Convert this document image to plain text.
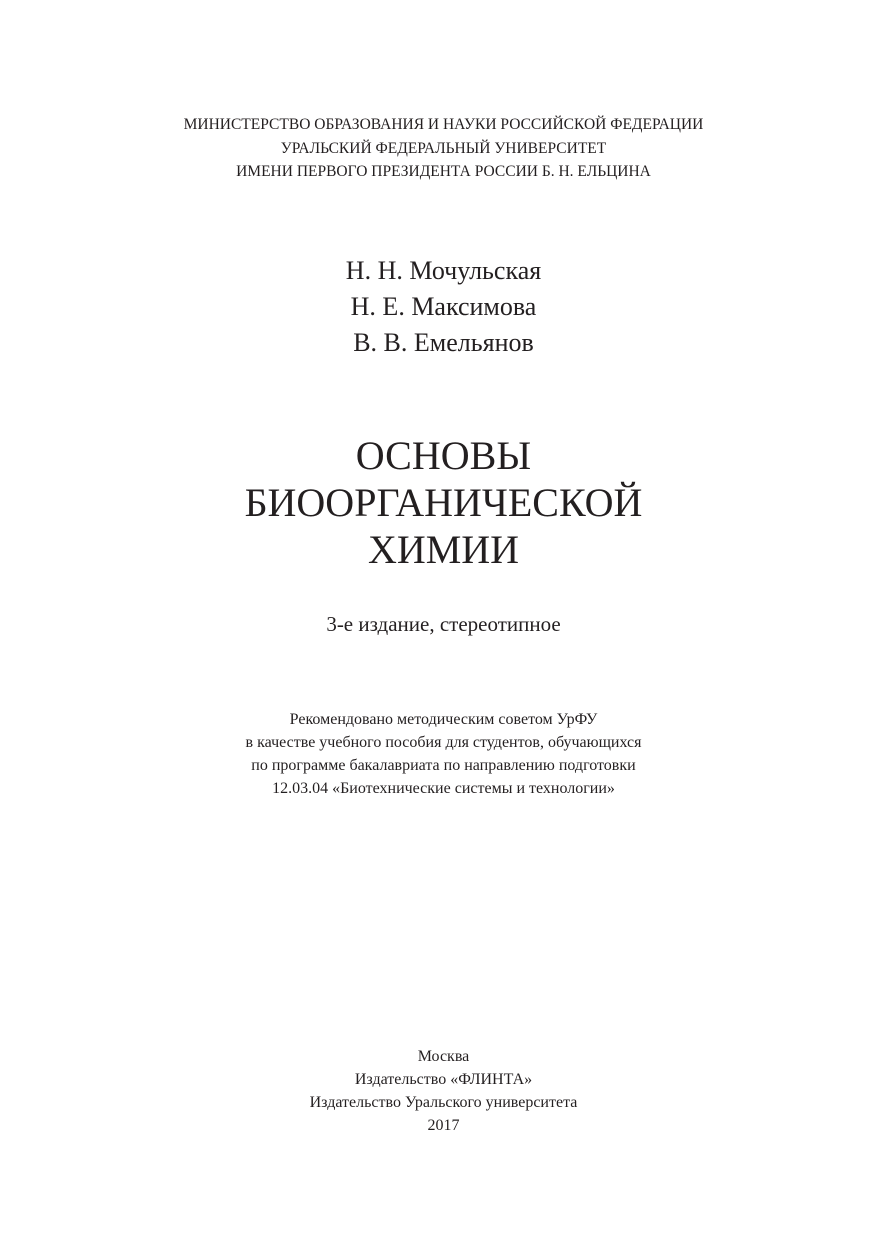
МИНИСТЕРСТВО ОБРАЗОВАНИЯ И НАУКИ РОССИЙСКОЙ ФЕДЕРАЦИИ
УРАЛЬСКИЙ ФЕДЕРАЛЬНЫЙ УНИВЕРСИТЕТ
ИМЕНИ ПЕРВОГО ПРЕЗИДЕНТА РОССИИ Б. Н. ЕЛЬЦИНА
Н. Н. Мочульская
Н. Е. Максимова
В. В. Емельянов
ОСНОВЫ
БИООРГАНИЧЕСКОЙ
ХИМИИ
3-е издание, стереотипное
Рекомендовано методическим советом УрФУ
в качестве учебного пособия для студентов, обучающихся
по программе бакалавриата по направлению подготовки
12.03.04 «Биотехнические системы и технологии»
Москва
Издательство «ФЛИНТА»
Издательство Уральского университета
2017
